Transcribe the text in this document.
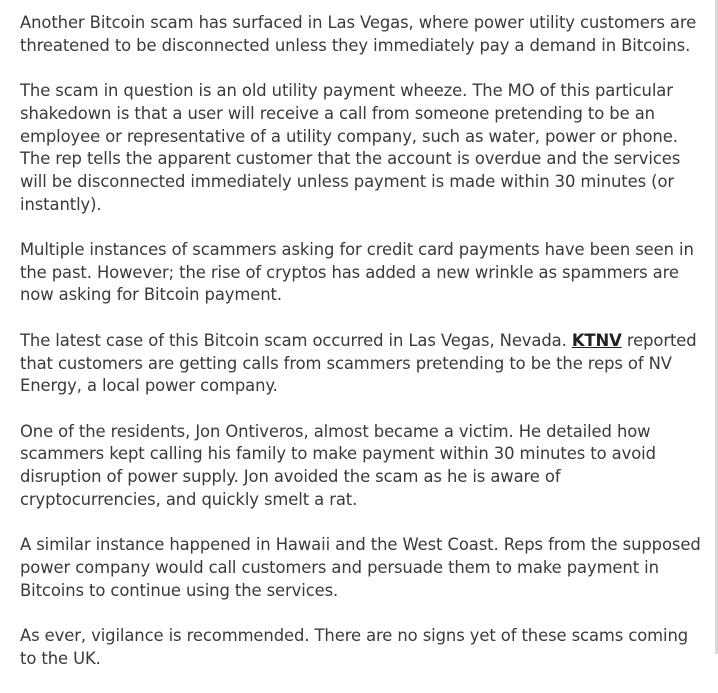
Another Bitcoin scam has surfaced in Las Vegas, where power utility customers are threatened to be disconnected unless they immediately pay a demand in Bitcoins.

The scam in question is an old utility payment wheeze. The MO of this particular shakedown is that a user will receive a call from someone pretending to be an employee or representative of a utility company, such as water, power or phone. The rep tells the apparent customer that the account is overdue and the services will be disconnected immediately unless payment is made within 30 minutes (or instantly).

Multiple instances of scammers asking for credit card payments have been seen in the past. However; the rise of cryptos has added a new wrinkle as spammers are now asking for Bitcoin payment.

The latest case of this Bitcoin scam occurred in Las Vegas, Nevada. KTNV reported that customers are getting calls from scammers pretending to be the reps of NV Energy, a local power company.

One of the residents, Jon Ontiveros, almost became a victim. He detailed how scammers kept calling his family to make payment within 30 minutes to avoid disruption of power supply. Jon avoided the scam as he is aware of cryptocurrencies, and quickly smelt a rat.

A similar instance happened in Hawaii and the West Coast. Reps from the supposed power company would call customers and persuade them to make payment in Bitcoins to continue using the services.

As ever, vigilance is recommended. There are no signs yet of these scams coming to the UK.
